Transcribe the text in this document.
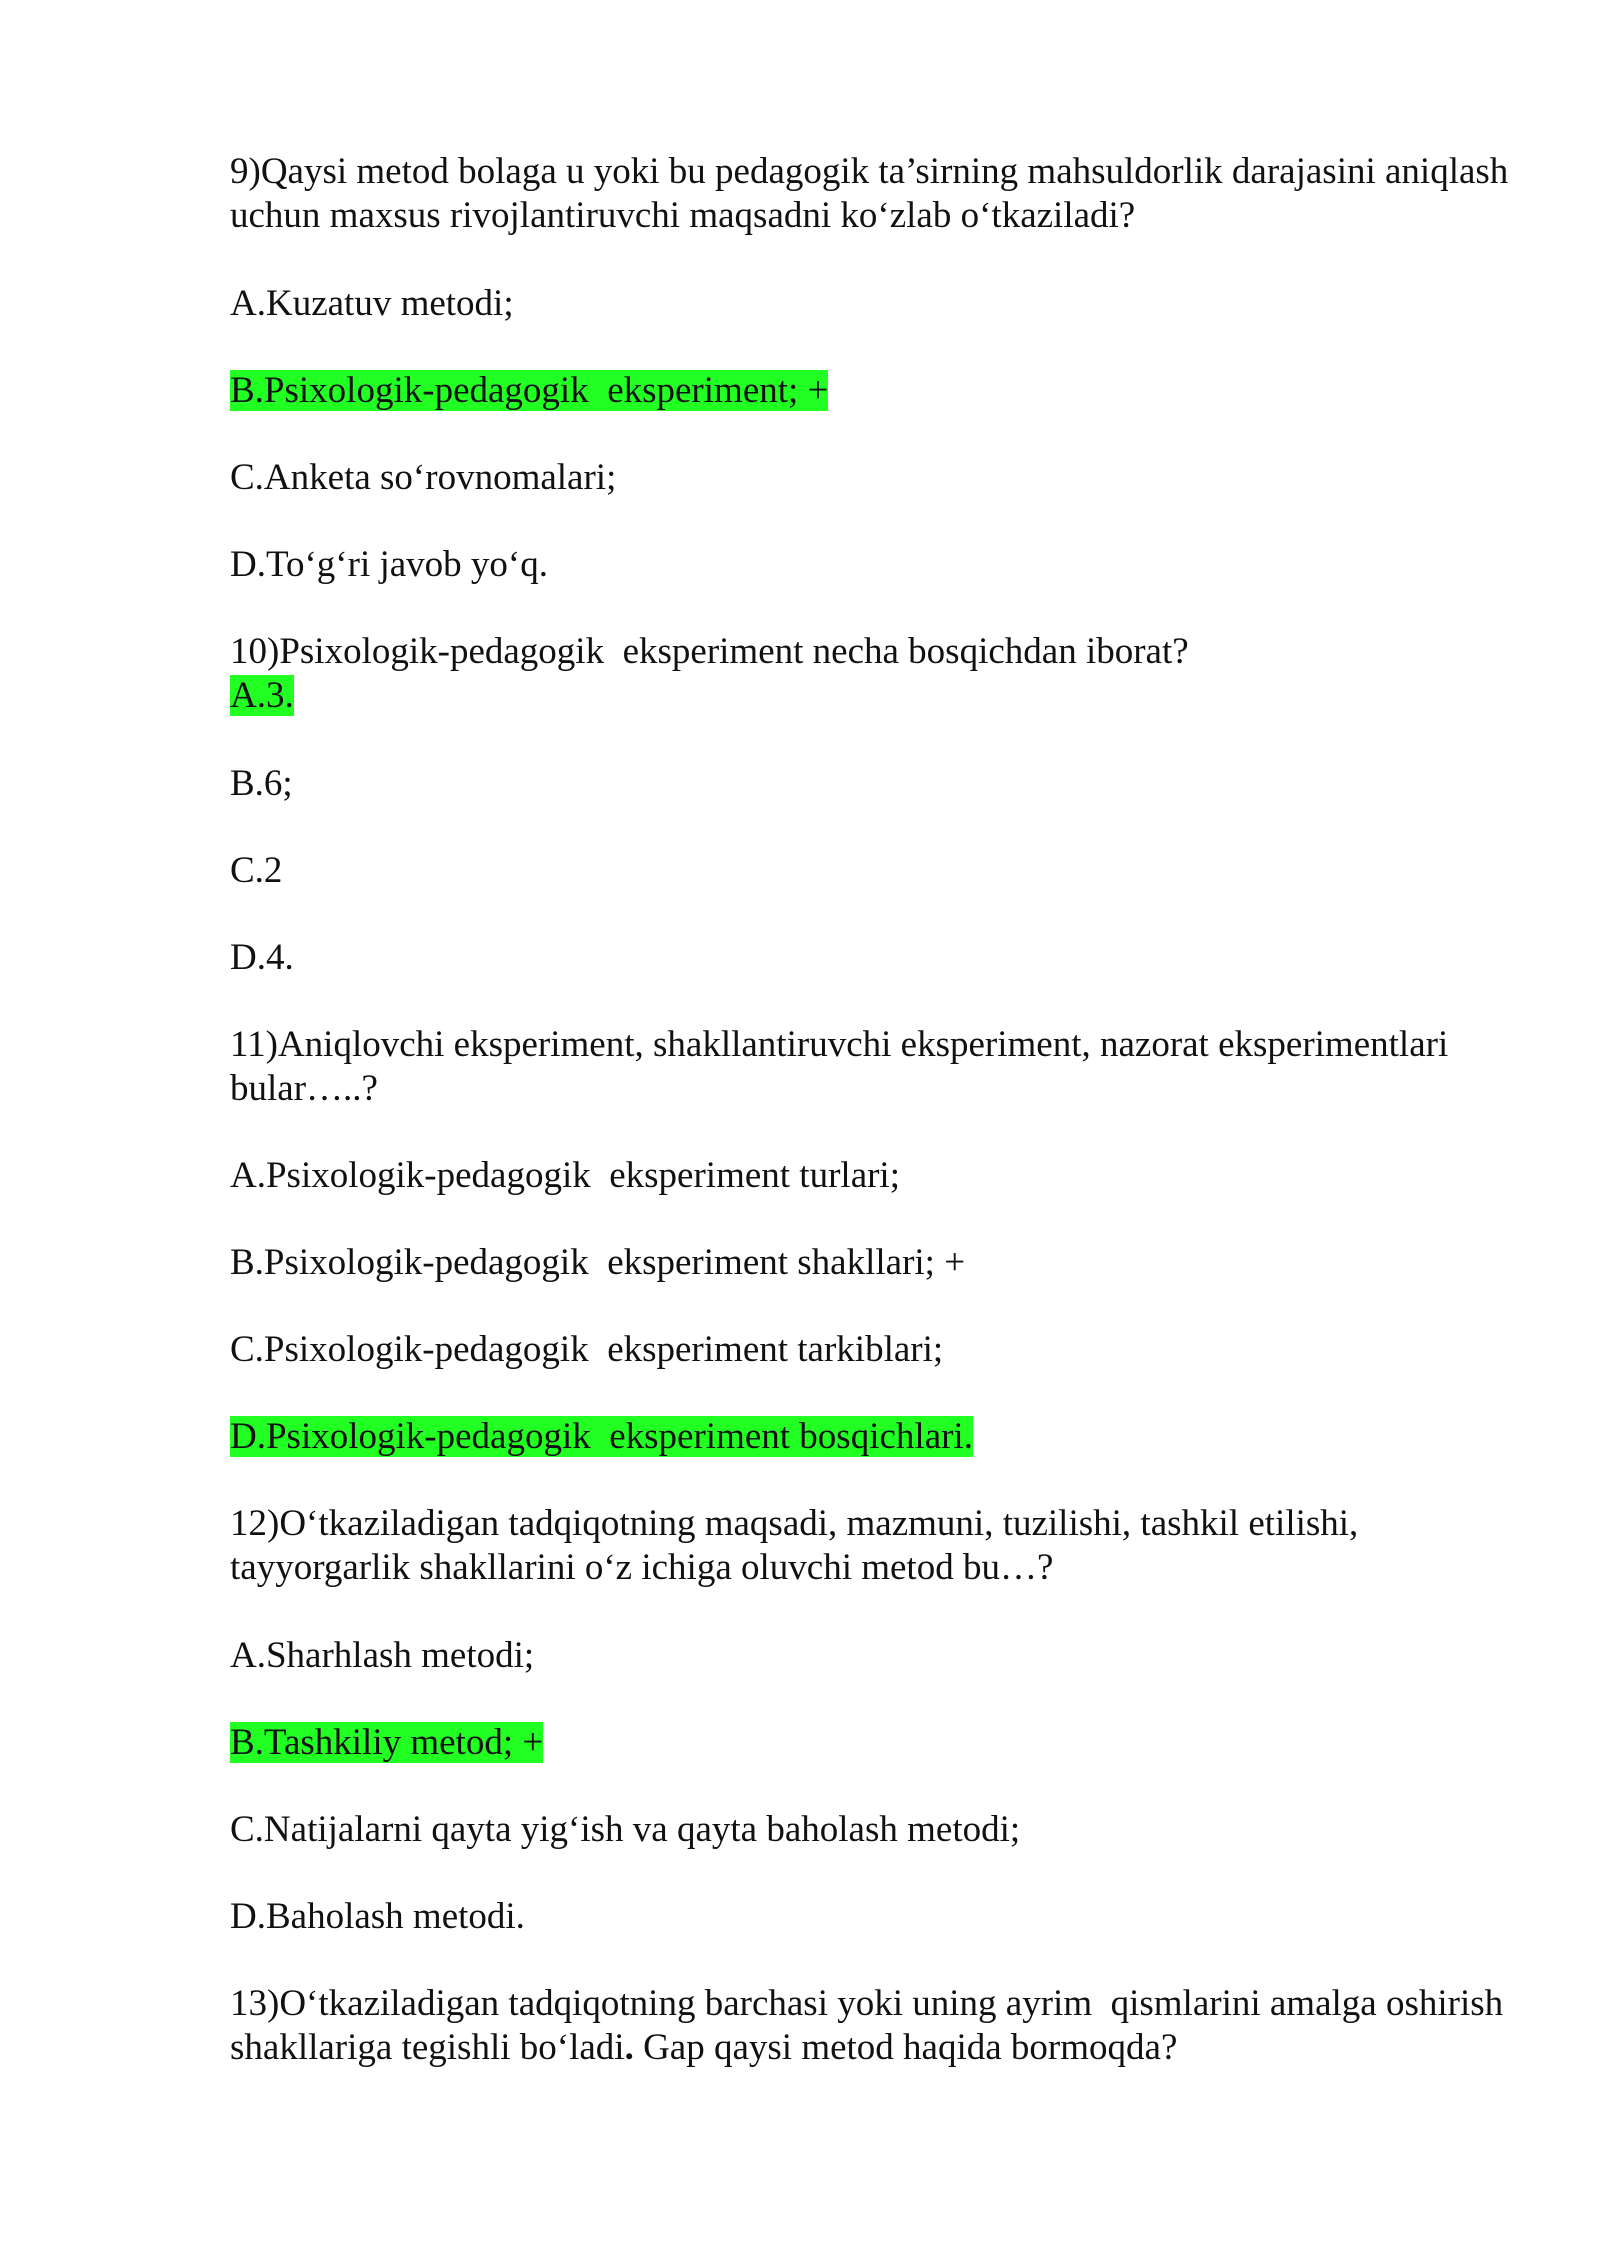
9)Qaysi metod bolaga u yoki bu pedagogik ta’sirning mahsuldorlik darajasini aniqlash uchun maxsus rivojlantiruvchi maqsadni ko‘zlab o‘tkaziladi?
A.Kuzatuv metodi;
B.Psixologik-pedagogik  eksperiment; +
C.Anketa so‘rovnomalari;
D.To‘g‘ri javob yo‘q.
10)Psixologik-pedagogik  eksperiment necha bosqichdan iborat?
A.3.
B.6;
C.2
D.4.
11)Aniqlovchi eksperiment, shakllantiruvchi eksperiment, nazorat eksperimentlari bular…..?
A.Psixologik-pedagogik  eksperiment turlari;
B.Psixologik-pedagogik  eksperiment shakllari; +
C.Psixologik-pedagogik  eksperiment tarkiblari;
D.Psixologik-pedagogik  eksperiment bosqichlari.
12)O‘tkaziladigan tadqiqotning maqsadi, mazmuni, tuzilishi, tashkil etilishi, tayyorgarlik shakllarini o‘z ichiga oluvchi metod bu…?
A.Sharhlash metodi;
B.Tashkiliy metod; +
C.Natijalarni qayta yig‘ish va qayta baholash metodi;
D.Baholash metodi.
13)O‘tkaziladigan tadqiqotning barchasi yoki uning ayrim  qismlarini amalga oshirish  shakllariga tegishli bo‘ladi. Gap qaysi metod haqida bormoqda?
